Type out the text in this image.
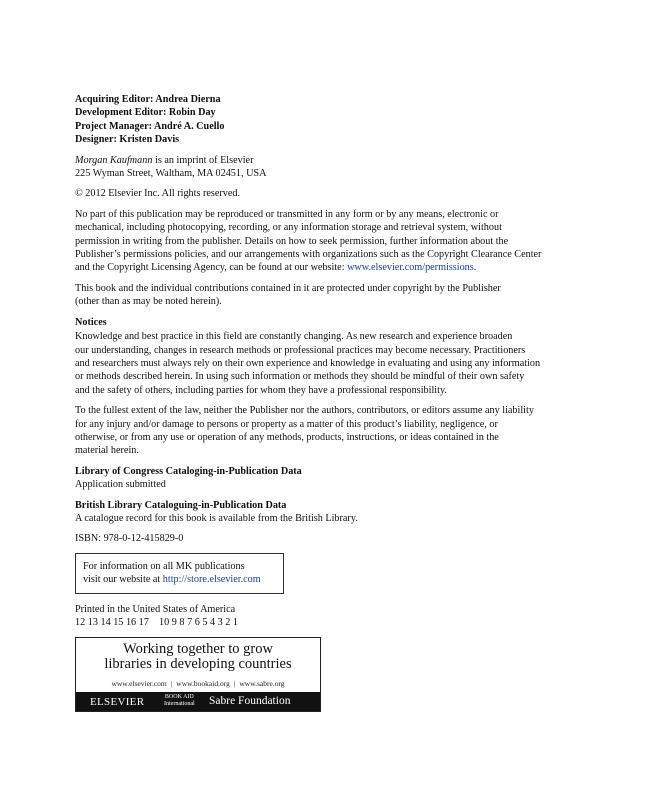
Acquiring Editor: Andrea Dierna
Development Editor: Robin Day
Project Manager: André A. Cuello
Designer: Kristen Davis
Morgan Kaufmann is an imprint of Elsevier
225 Wyman Street, Waltham, MA 02451, USA
© 2012 Elsevier Inc. All rights reserved.
No part of this publication may be reproduced or transmitted in any form or by any means, electronic or
mechanical, including photocopying, recording, or any information storage and retrieval system, without
permission in writing from the publisher. Details on how to seek permission, further information about the
Publisher’s permissions policies, and our arrangements with organizations such as the Copyright Clearance Center
and the Copyright Licensing Agency, can be found at our website: www.elsevier.com/permissions.
This book and the individual contributions contained in it are protected under copyright by the Publisher
(other than as may be noted herein).
Notices
Knowledge and best practice in this field are constantly changing. As new research and experience broaden
our understanding, changes in research methods or professional practices may become necessary. Practitioners
and researchers must always rely on their own experience and knowledge in evaluating and using any information
or methods described herein. In using such information or methods they should be mindful of their own safety
and the safety of others, including parties for whom they have a professional responsibility.
To the fullest extent of the law, neither the Publisher nor the authors, contributors, or editors assume any liability
for any injury and/or damage to persons or property as a matter of this product’s liability, negligence, or
otherwise, or from any use or operation of any methods, products, instructions, or ideas contained in the
material herein.
Library of Congress Cataloging-in-Publication Data
Application submitted
British Library Cataloguing-in-Publication Data
A catalogue record for this book is available from the British Library.
ISBN: 978-0-12-415829-0
For information on all MK publications
visit our website at http://store.elsevier.com
Printed in the United States of America
12 13 14 15 16 17    10 9 8 7 6 5 4 3 2 1
Working together to grow
libraries in developing countries
www.elsevier.com | www.bookaid.org | www.sabre.org
ELSEVIER	BOOK AID
International Sabre Foundation
